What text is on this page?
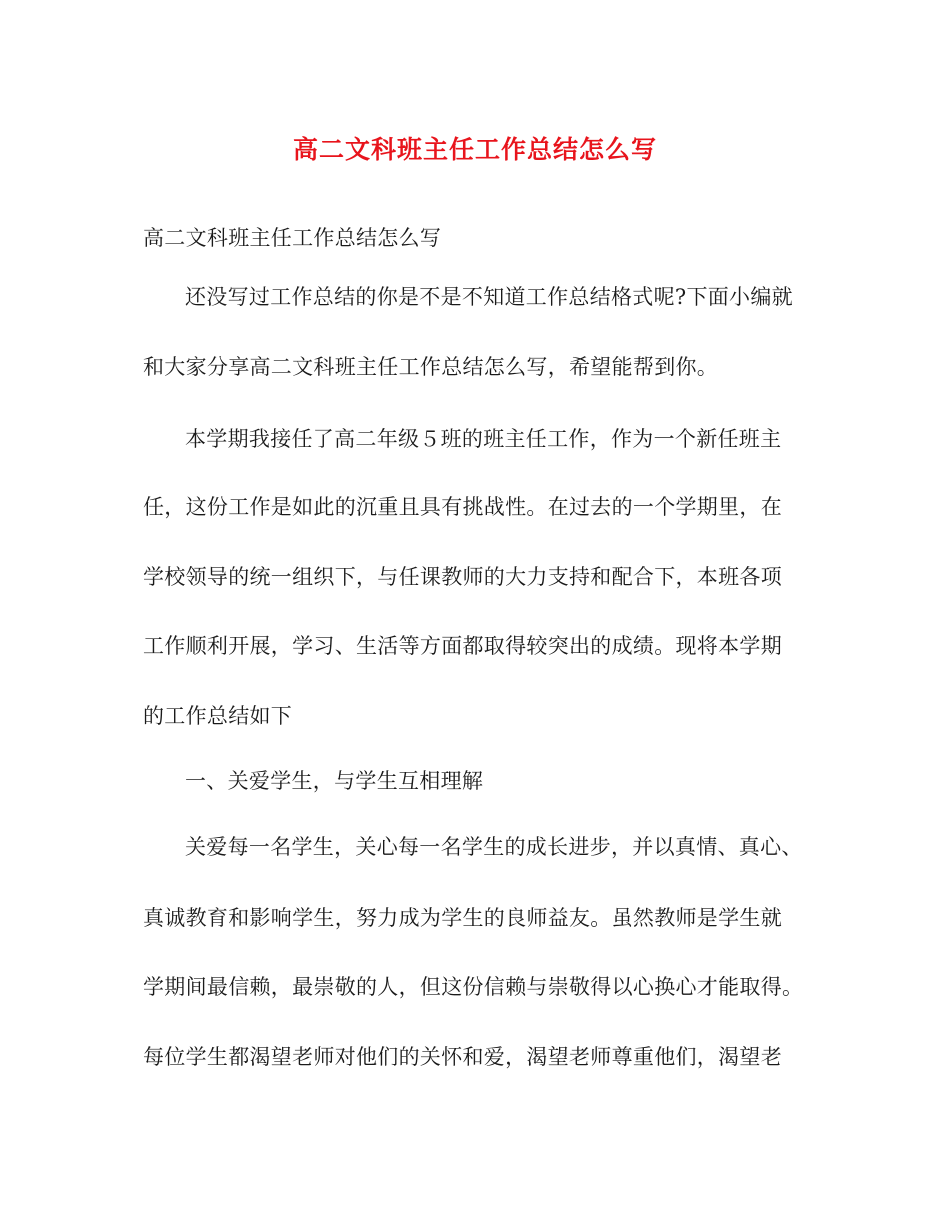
高二文科班主任工作总结怎么写
高二文科班主任工作总结怎么写
还没写过工作总结的你是不是不知道工作总结格式呢?下面小编就
和大家分享高二文科班主任工作总结怎么写，希望能帮到你。
本学期我接任了高二年级５班的班主任工作，作为一个新任班主
任，这份工作是如此的沉重且具有挑战性。在过去的一个学期里，在
学校领导的统一组织下，与任课教师的大力支持和配合下，本班各项
工作顺利开展，学习、生活等方面都取得较突出的成绩。现将本学期
的工作总结如下
一、关爱学生，与学生互相理解
关爱每一名学生，关心每一名学生的成长进步，并以真情、真心、
真诚教育和影响学生，努力成为学生的良师益友。虽然教师是学生就
学期间最信赖，最崇敬的人，但这份信赖与崇敬得以心换心才能取得。
每位学生都渴望老师对他们的关怀和爱，渴望老师尊重他们，渴望老
